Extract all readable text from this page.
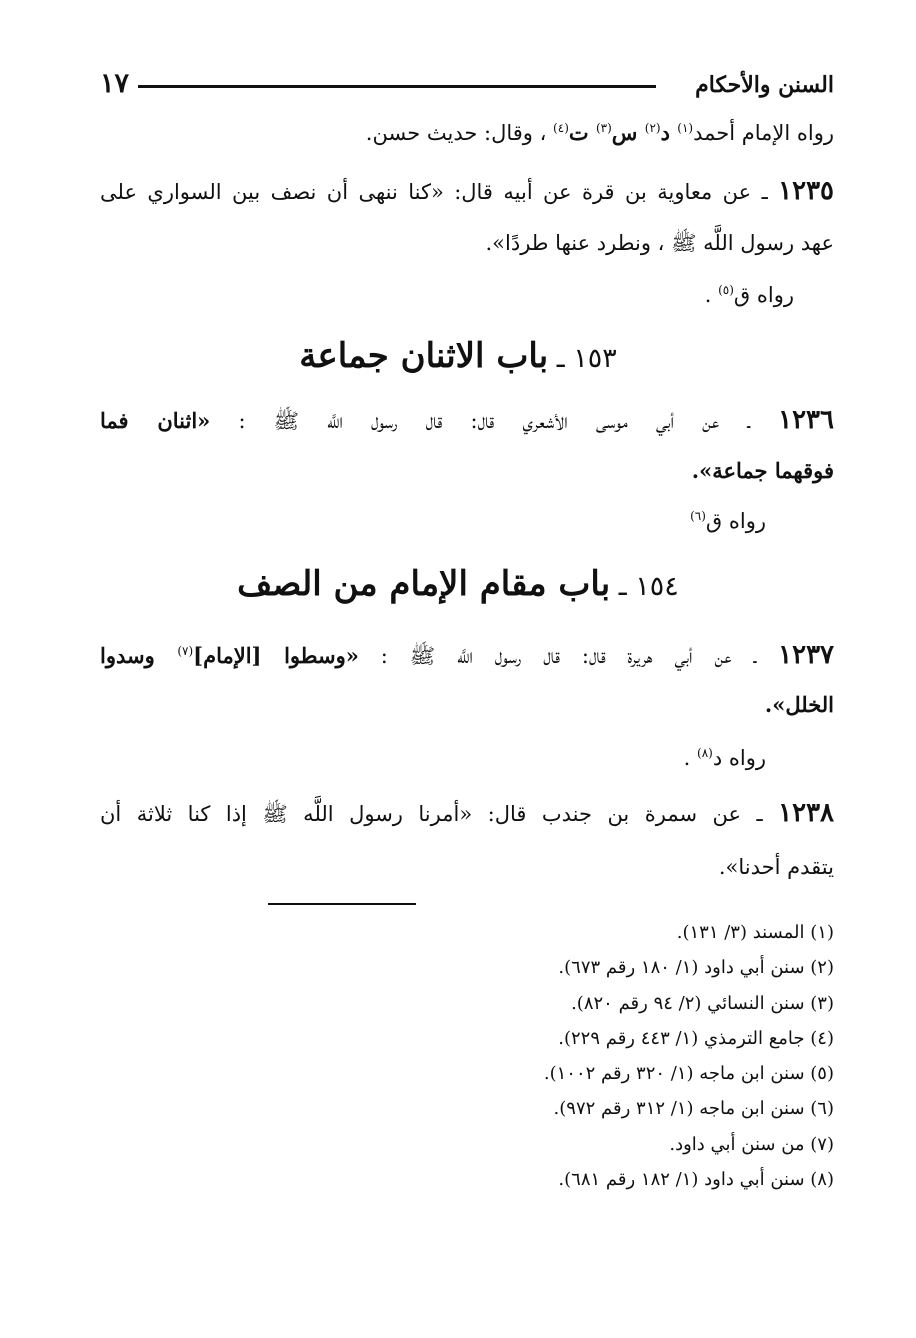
السنن والأحكام
١٧
رواه الإمام أحمد$^{(١)}$ د$^{(٢)}$ س$^{(٣)}$ ت$^{(٤)}$ ، وقال: حديث حسن.
١٢٣٥ ـ عن معاوية بن قرة عن أبيه قال: «كنا ننهى أن نصف بين السواري على
عهد رسول اللَّه ﷺ ، ونطرد عنها طردًا».
رواه ق$^{(٥)}$ .
١٥٣ ـ باب الاثنان جماعة
١٢٣٦ ـ عن أبي موسى الأشعري قال: قال رسول اللَّه ﷺ : «اثنان فما
فوقهما جماعة».
رواه ق$^{(٦)}$
١٥٤ ـ باب مقام الإمام من الصف
١٢٣٧ ـ عن أبي هريرة قال: قال رسول اللَّه ﷺ : «وسطوا [الإمام]$^{(٧)}$ وسدوا
الخلل».
رواه د$^{(٨)}$ .
١٢٣٨ ـ عن سمرة بن جندب قال: «أمرنا رسول اللَّه ﷺ إذا كنا ثلاثة أن
يتقدم أحدنا».
(١) المسند (٣/ ١٣١).
(٢) سنن أبي داود (١/ ١٨٠ رقم ٦٧٣).
(٣) سنن النسائي (٢/ ٩٤ رقم ٨٢٠).
(٤) جامع الترمذي (١/ ٤٤٣ رقم ٢٢٩).
(٥) سنن ابن ماجه (١/ ٣٢٠ رقم ١٠٠٢).
(٦) سنن ابن ماجه (١/ ٣١٢ رقم ٩٧٢).
(٧) من سنن أبي داود.
(٨) سنن أبي داود (١/ ١٨٢ رقم ٦٨١).
